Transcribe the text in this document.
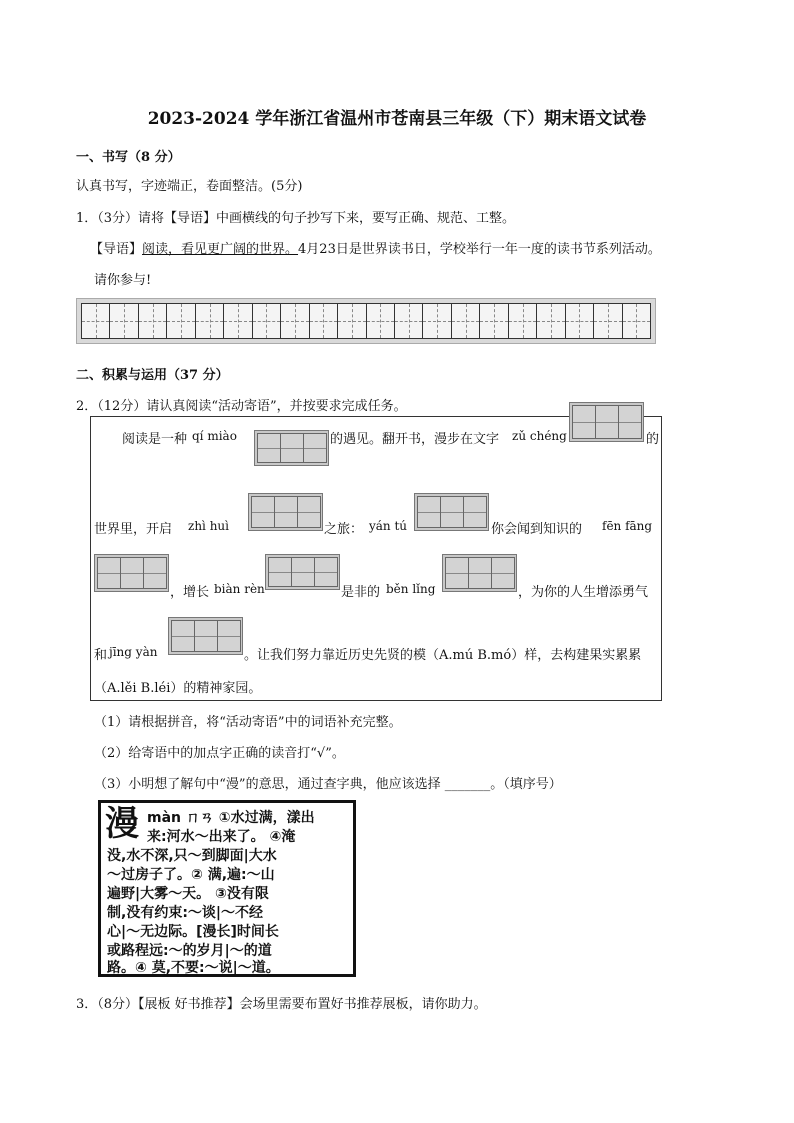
2023-2024 学年浙江省温州市苍南县三年级（下）期末语文试卷
一、书写（8 分）
认真书写，字迹端正，卷面整洁。(5分)
1．（3分）请将【导语】中画横线的句子抄写下来，要写正确、规范、工整。
【导语】阅读，看见更广阔的世界。4月23日是世界读书日，学校举行一年一度的读书节系列活动。
请你参与!
二、积累与运用（37 分）
2．（12分）请认真阅读“活动寄语”，并按要求完成任务。
阅读是一种 qí miào	的遇见。翻开书，漫步在文字 zǔ chéng	的
世界里，开启 zhì huì	之旅： yán tú	你会闻到知识的 fēn fāng
，增长 biàn rèn	是非的 běn lǐng	，为你的人生增添勇气
和 jīng yàn	。让我们努力靠近历史先贤的模（A.mú B.mó）样，去构建果实累累
（A.lěi B.léi）的精神家园。
（1）请根据拼音，将“活动寄语”中的词语补充完整。
（2）给寄语中的加点字正确的读音打“√”。
（3）小明想了解句中“漫”的意思，通过查字典，他应该选择 _______。（填序号）
漫 màn ㄇㄢ ①水过满，漾出
来:河水～出来了。 ④淹
没,水不深,只～到脚面|大水
～过房子了。② 满,遍:～山
遍野|大雾～天。 ③没有限
制,没有约束:～谈|～不经
心|～无边际。[漫长]时间长
或路程远:～的岁月|～的道
路。④ 莫,不要:～说|～道。
3．（8分）【展板 好书推荐】会场里需要布置好书推荐展板，请你助力。
